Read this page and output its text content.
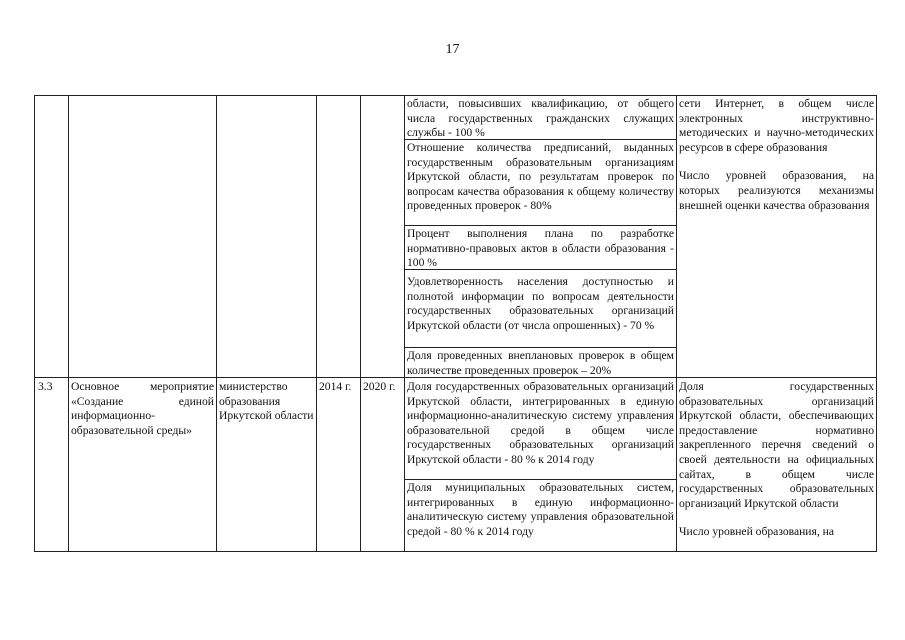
17

области, повысивших квалификацию, от общего числа государственных гражданских служащих службы - 100 %

Отношение количества предписаний, выданных государственным образовательным организациям Иркутской области, по результатам проверок по вопросам качества образования к общему количеству проведенных проверок - 80%

Процент выполнения плана по разработке нормативно-правовых актов в области образования - 100 %

Удовлетворенность населения доступностью и полнотой информации по вопросам деятельности государственных образовательных организаций Иркутской области (от числа опрошенных) - 70 %

Доля проведенных внеплановых проверок в общем количестве проведенных проверок – 20%

сети Интернет, в общем числе электронных инструктивно-методических и научно-методических ресурсов в сфере образования

Число уровней образования, на которых реализуются механизмы внешней оценки качества образования

3.3	Основное мероприятие «Создание единой информационно-образовательной среды»

министерство образования Иркутской области

2014 г. 2020 г. Доля государственных образовательных организаций Иркутской области, интегрированных в единую информационно-аналитическую систему управления образовательной средой в общем числе государственных образовательных организаций Иркутской области - 80 % к 2014 году

Доля муниципальных образовательных систем, интегрированных в единую информационно-аналитическую систему управления образовательной средой - 80 % к 2014 году

Доля государственных образовательных организаций Иркутской области, обеспечивающих предоставление нормативно закрепленного перечня сведений о своей деятельности на официальных сайтах, в общем числе государственных образовательных организаций Иркутской области

Число уровней образования, на
